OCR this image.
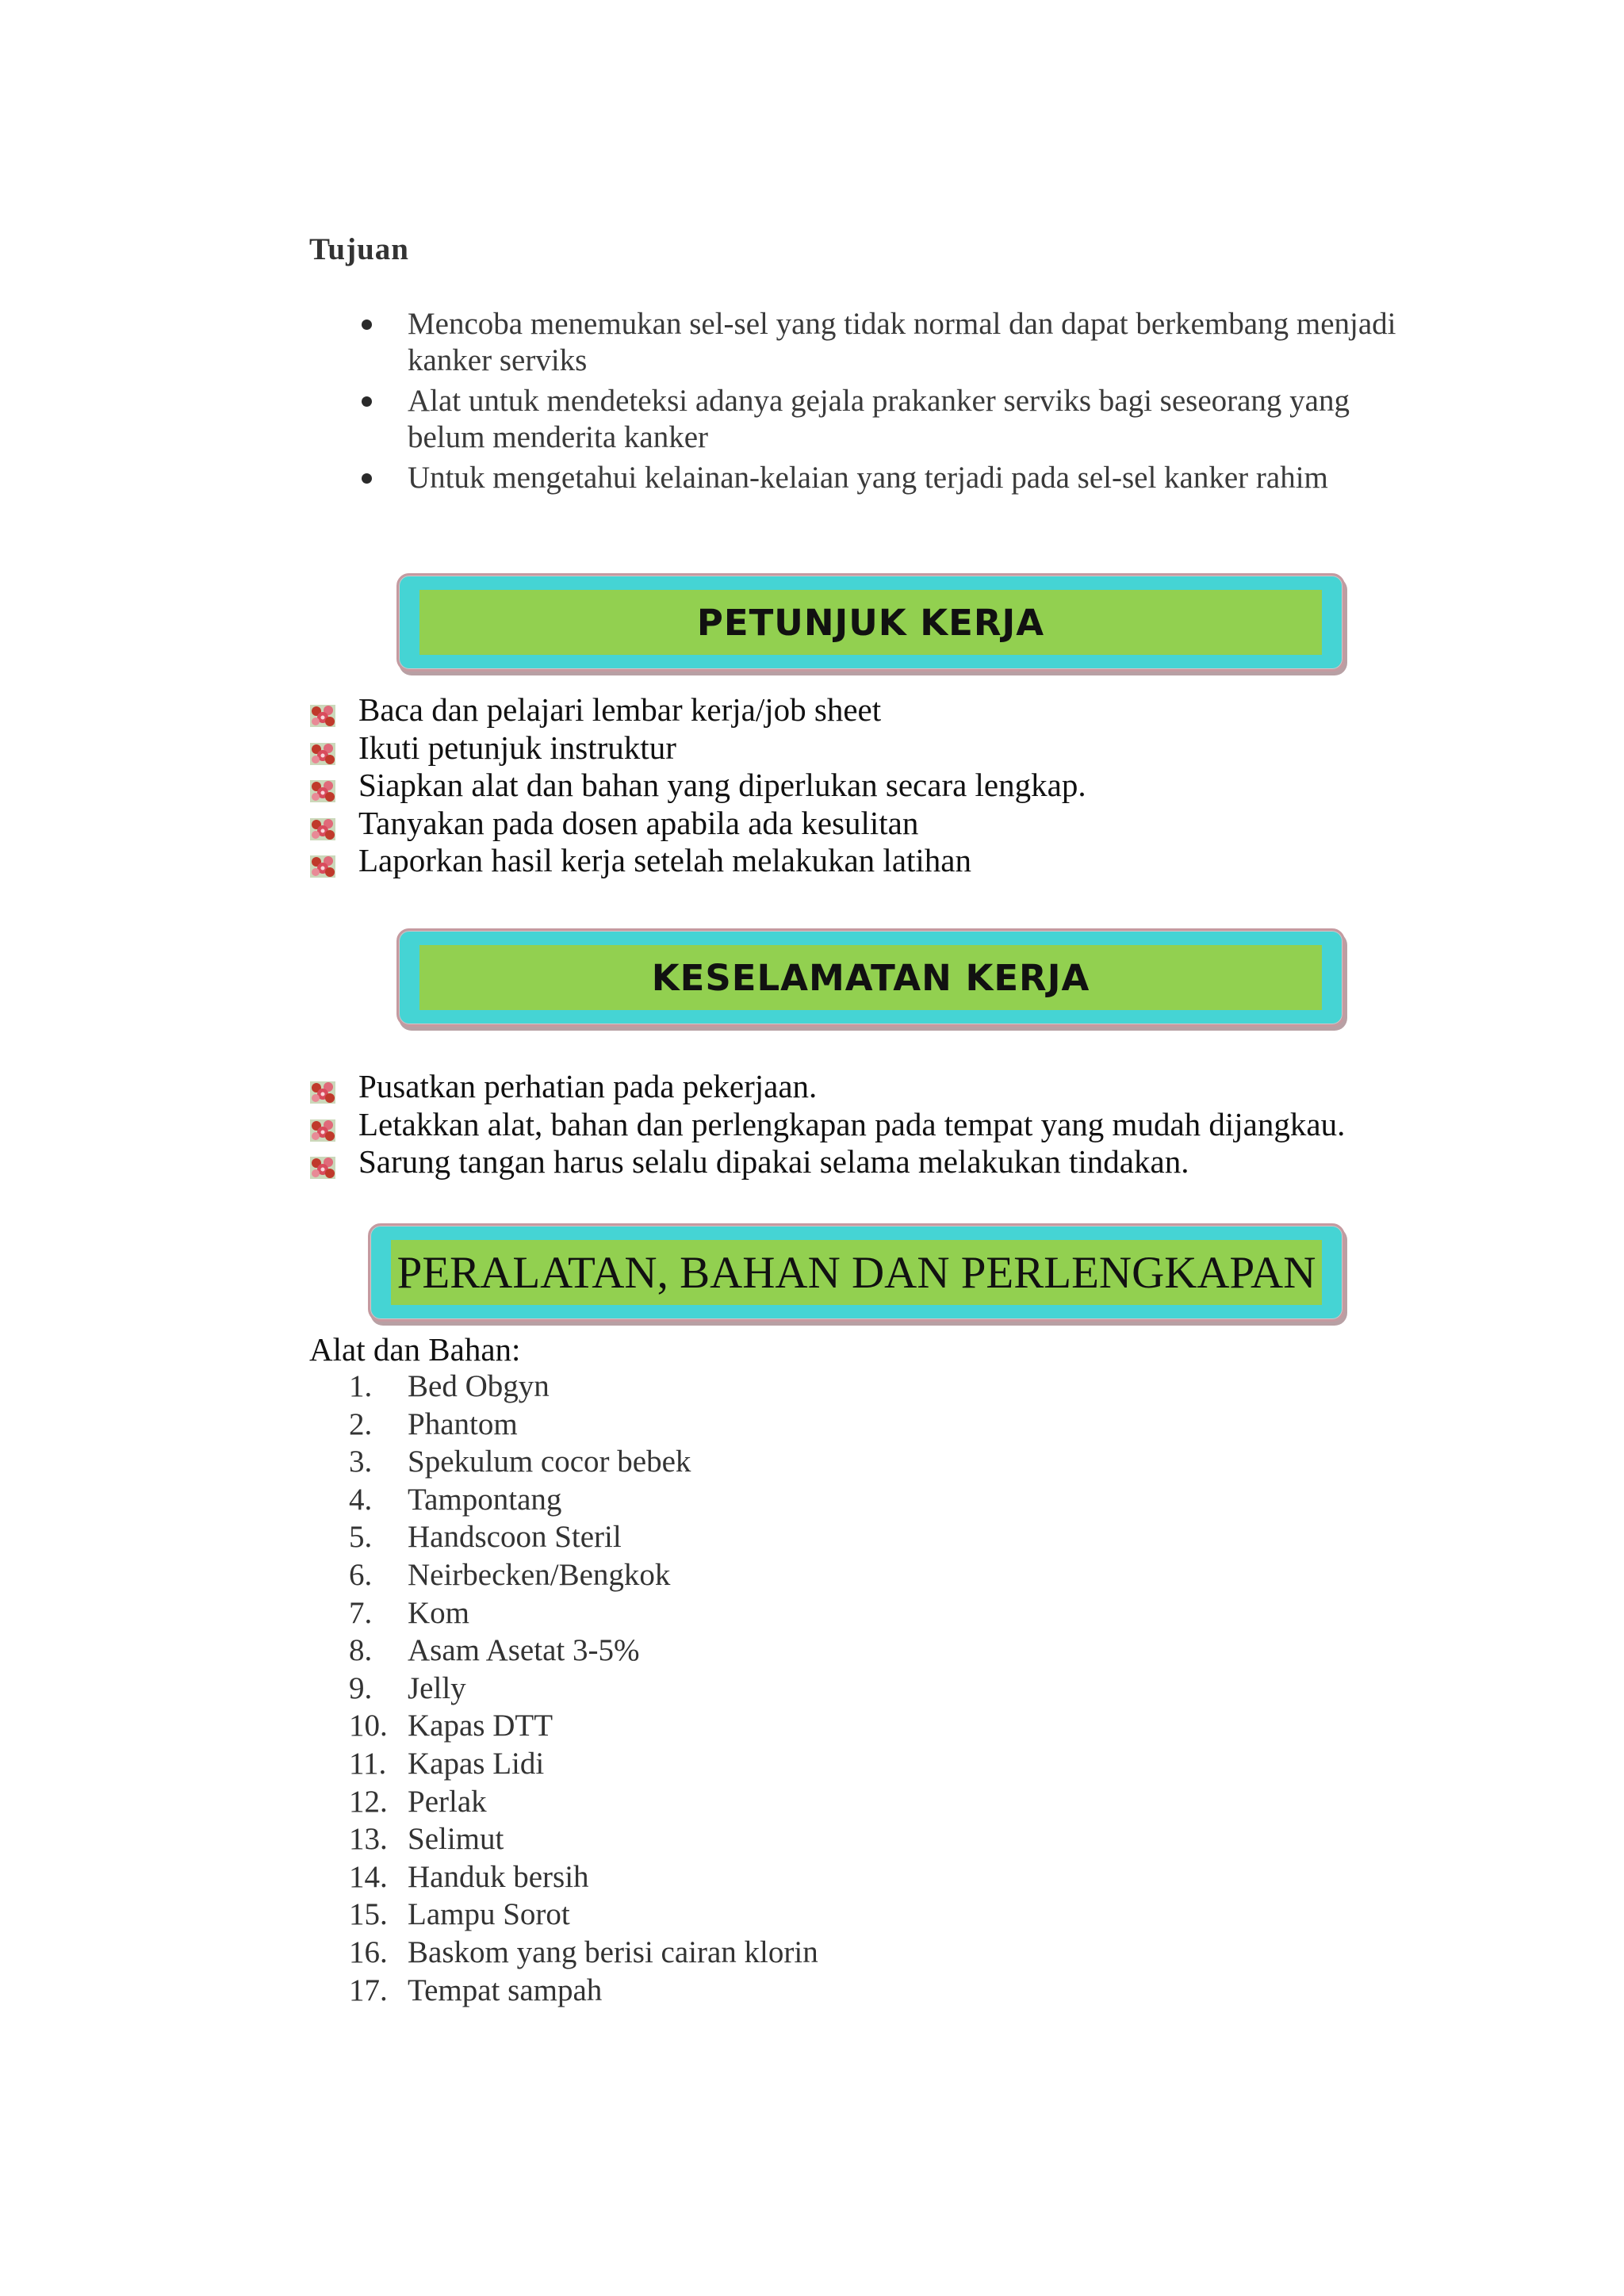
Tujuan
Mencoba menemukan sel-sel yang tidak normal dan dapat berkembang menjadi kanker serviks
Alat untuk mendeteksi adanya gejala prakanker serviks bagi seseorang yang belum menderita kanker
Untuk mengetahui kelainan-kelaian yang terjadi pada sel-sel kanker rahim
PETUNJUK KERJA
Baca dan pelajari lembar kerja/job sheet
Ikuti petunjuk instruktur
Siapkan alat dan bahan yang diperlukan secara lengkap.
Tanyakan pada dosen apabila ada kesulitan
Laporkan hasil kerja setelah melakukan latihan
KESELAMATAN KERJA
Pusatkan perhatian pada pekerjaan.
Letakkan alat, bahan dan perlengkapan pada tempat yang mudah dijangkau.
Sarung tangan harus selalu dipakai selama melakukan tindakan.
PERALATAN, BAHAN DAN PERLENGKAPAN
Alat dan Bahan:
1. Bed Obgyn
2. Phantom
3. Spekulum cocor bebek
4. Tampontang
5. Handscoon Steril
6. Neirbecken/Bengkok
7. Kom
8. Asam Asetat 3-5%
9. Jelly
10. Kapas DTT
11. Kapas Lidi
12. Perlak
13. Selimut
14. Handuk bersih
15. Lampu Sorot
16. Baskom yang berisi cairan klorin
17. Tempat sampah
